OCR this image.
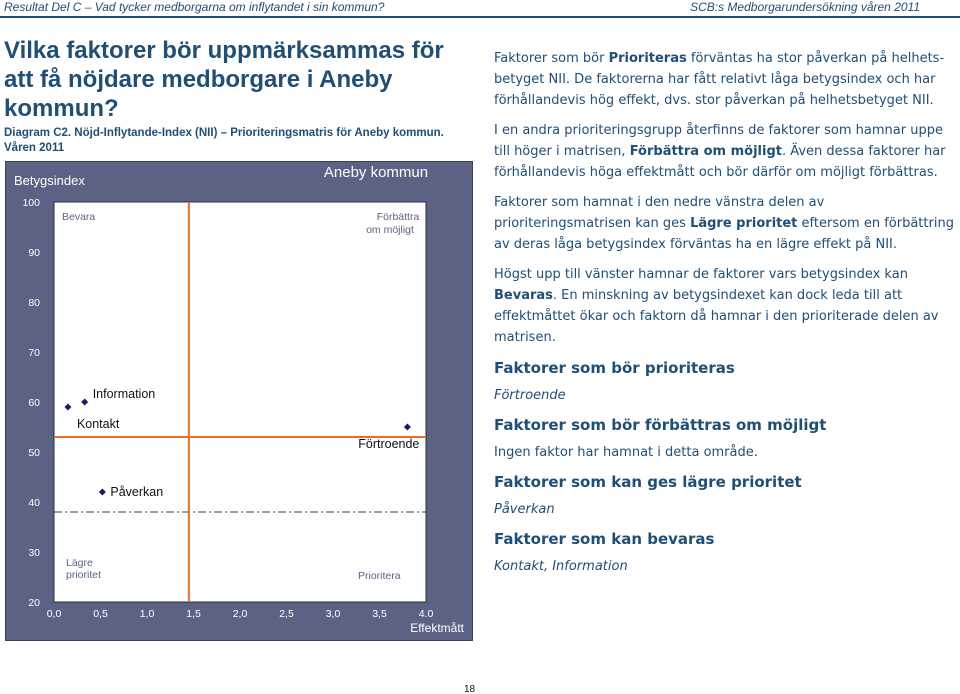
Resultat Del C – Vad tycker medborgarna om inflytandet i sin kommun?	SCB:s Medborgarundersökning våren 2011
Vilka faktorer bör uppmärksammas för att få nöjdare medborgare i Aneby kommun?
Diagram C2. Nöjd-Inflytande-Index (NII) – Prioriteringsmatris för Aneby kommun. Våren 2011
Aneby kommun
Betygsindex
Effektmått
100
90
80
70
60
50
40
30
20
0,0	0,5	1,0	1,5	2,0	2,5	3,0	3,5	4.0
Bevara	Förbättra om möjligt
Lägre prioritet	Prioritera
Kontakt
Information
Påverkan
Förtroende

Faktorer som bör Prioriteras förväntas ha stor påverkan på helhetsbetyget NII. De faktorerna har fått relativt låga betygsindex och har förhållandevis hög effekt, dvs. stor påverkan på helhetsbetyget NII.

I en andra prioriteringsgrupp återfinns de faktorer som hamnar uppe till höger i matrisen, Förbättra om möjligt. Även dessa faktorer har förhållandevis höga effektmått och bör därför om möjligt förbättras.

Faktorer som hamnat i den nedre vänstra delen av prioriteringsmatrisen kan ges Lägre prioritet eftersom en förbättring av deras låga betygsindex förväntas ha en lägre effekt på NII.

Högst upp till vänster hamnar de faktorer vars betygsindex kan Bevaras. En minskning av betygsindexet kan dock leda till att effektmåttet ökar och faktorn då hamnar i den prioriterade delen av matrisen.

Faktorer som bör prioriteras
Förtroende
Faktorer som bör förbättras om möjligt
Ingen faktor har hamnat i detta område.
Faktorer som kan ges lägre prioritet
Påverkan
Faktorer som kan bevaras
Kontakt, Information
18
